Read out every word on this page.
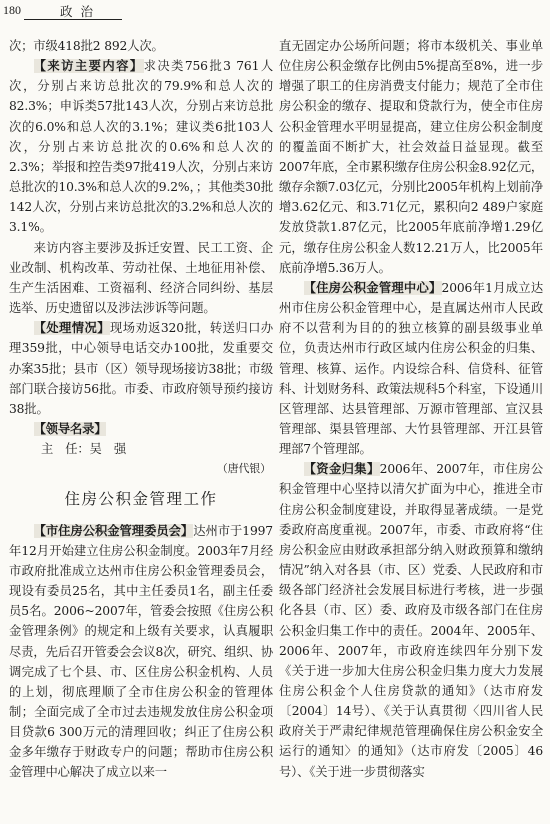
180	政治

次；市级418批2 892人次。

【来访主要内容】求决类756批3 761人次，分别占来访总批次的79.9%和总人次的82.3%；申诉类57批143人次，分别占来访总批次的6.0%和总人次的3.1%；建议类6批103人次，分别占来访总批次的0.6%和总人次的2.3%；举报和控告类97批419人次，分别占来访总批次的10.3%和总人次的9.2%，；其他类30批142人次，分别占来访总批次的3.2%和总人次的3.1%。

来访内容主要涉及拆迁安置、民工工资、企业改制、机构改革、劳动社保、土地征用补偿、生产生活困难、工资福利、经济合同纠纷、基层选举、历史遗留以及涉法涉诉等问题。

【处理情况】现场劝返320批，转送归口办理359批，中心领导电话交办100批，发重要交办案35批；县市（区）领导现场接访38批；市级部门联合接访56批。市委、市政府领导预约接访38批。

【领导名录】

主　任：吴　强

（唐代银）

住房公积金管理工作

【市住房公积金管理委员会】达州市于1997年12月开始建立住房公积金制度。2003年7月经市政府批准成立达州市住房公积金管理委员会，现设有委员25名，其中主任委员1名，副主任委员5名。2006~2007年，管委会按照《住房公积金管理条例》的规定和上级有关要求，认真履职尽责，先后召开管委会会议8次，研究、组织、协调完成了七个县、市、区住房公积金机构、人员的上划，彻底理顺了全市住房公积金的管理体制；全面完成了全市过去违规发放住房公积金项目贷款6 300万元的清理回收；纠正了住房公积金多年缴存于财政专户的问题；帮助市住房公积金管理中心解决了成立以来一

直无固定办公场所问题；将市本级机关、事业单位住房公积金缴存比例由5%提高至8%，进一步增强了职工的住房消费支付能力；规范了全市住房公积金的缴存、提取和贷款行为，使全市住房公积金管理水平明显提高，建立住房公积金制度的覆盖面不断扩大，社会效益日益显现。截至2007年底，全市累积缴存住房公积金8.92亿元，缴存余额7.03亿元，分别比2005年机构上划前净增3.62亿元、和3.71亿元，累积向2 489户家庭发放贷款1.87亿元，比2005年底前净增1.29亿元，缴存住房公积金人数12.21万人，比2005年底前净增5.36万人。

【住房公积金管理中心】2006年1月成立达州市住房公积金管理中心，是直属达州市人民政府不以营利为目的的独立核算的副县级事业单位，负责达州市行政区域内住房公积金的归集、管理、核算、运作。内设综合科、信贷科、征管科、计划财务科、政策法规科5个科室，下设通川区管理部、达县管理部、万源市管理部、宣汉县管理部、渠县管理部、大竹县管理部、开江县管理部7个管理部。

【资金归集】2006年、2007年，市住房公积金管理中心坚持以清欠扩面为中心，推进全市住房公积金制度建设，并取得显著成绩。一是党委政府高度重视。2007年，市委、市政府将“住房公积金应由财政承担部分纳入财政预算和缴纳情况”纳入对各县（市、区）党委、人民政府和市级各部门经济社会发展目标进行考核，进一步强化各县（市、区）委、政府及市级各部门在住房公积金归集工作中的责任。2004年、2005年、2006年、2007年，市政府连续四年分别下发《关于进一步加大住房公积金归集力度大力发展住房公积金个人住房贷款的通知》（达市府发〔2004〕14号）、《关于认真贯彻〈四川省人民政府关于严肃纪律规范管理确保住房公积金安全运行的通知〉的通知》（达市府发〔2005〕46号）、《关于进一步贯彻落实
